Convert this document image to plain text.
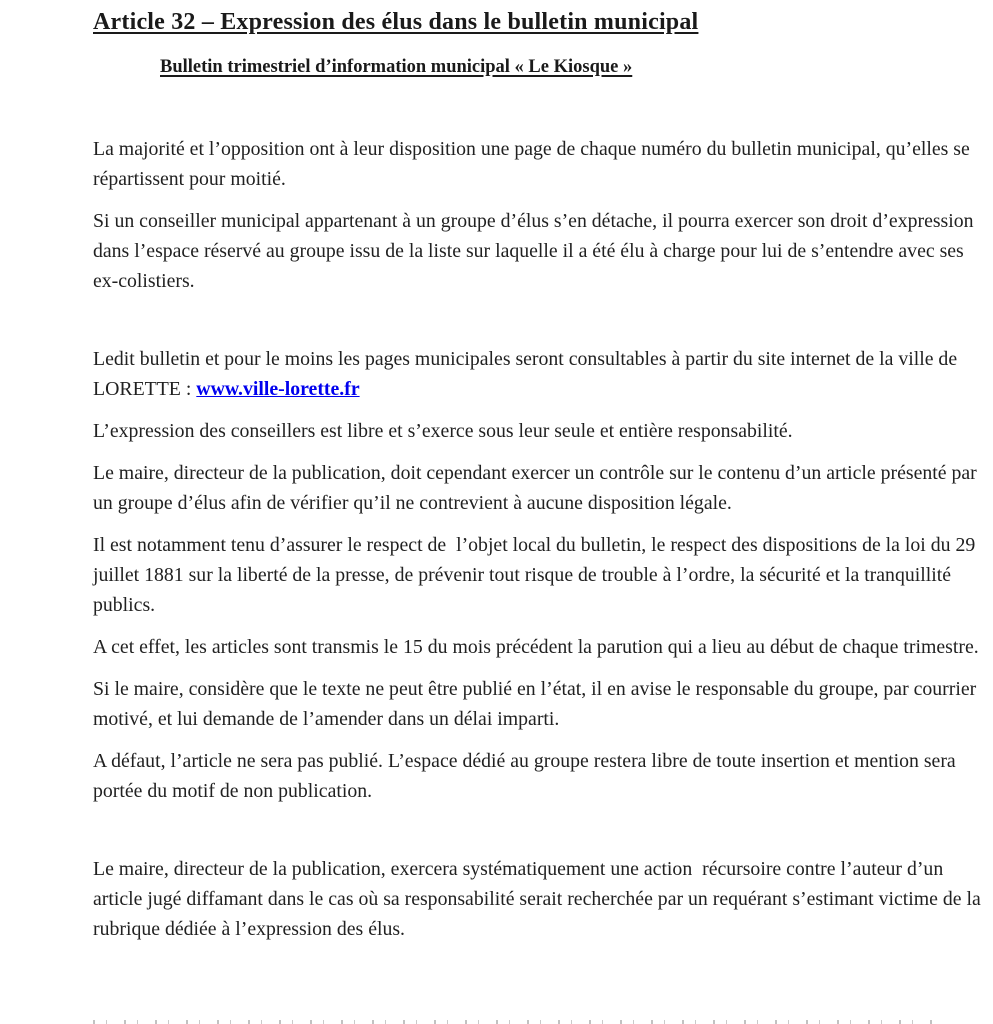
Article 32 – Expression des élus dans le bulletin municipal
Bulletin trimestriel d’information municipal « Le Kiosque »

La majorité et l’opposition ont à leur disposition une page de chaque numéro du bulletin municipal, qu’elles se répartissent pour moitié.

Si un conseiller municipal appartenant à un groupe d’élus s’en détache, il pourra exercer son droit d’expression dans l’espace réservé au groupe issu de la liste sur laquelle il a été élu à charge pour lui de s’entendre avec ses ex-colistiers.

Ledit bulletin et pour le moins les pages municipales seront consultables à partir du site internet de la ville de LORETTE : www.ville-lorette.fr

L’expression des conseillers est libre et s’exerce sous leur seule et entière responsabilité.

Le maire, directeur de la publication, doit cependant exercer un contrôle sur le contenu d’un article présenté par un groupe d’élus afin de vérifier qu’il ne contrevient à aucune disposition légale.

Il est notamment tenu d’assurer le respect de  l’objet local du bulletin, le respect des dispositions de la loi du 29 juillet 1881 sur la liberté de la presse, de prévenir tout risque de trouble à l’ordre, la sécurité et la tranquillité publics.

A cet effet, les articles sont transmis le 15 du mois précédent la parution qui a lieu au début de chaque trimestre.

Si le maire, considère que le texte ne peut être publié en l’état, il en avise le responsable du groupe, par courrier motivé, et lui demande de l’amender dans un délai imparti.

A défaut, l’article ne sera pas publié. L’espace dédié au groupe restera libre de toute insertion et mention sera portée du motif de non publication.

Le maire, directeur de la publication, exercera systématiquement une action  récursoire contre l’auteur d’un article jugé diffamant dans le cas où sa responsabilité serait recherchée par un requérant s’estimant victime de la rubrique dédiée à l’expression des élus.
